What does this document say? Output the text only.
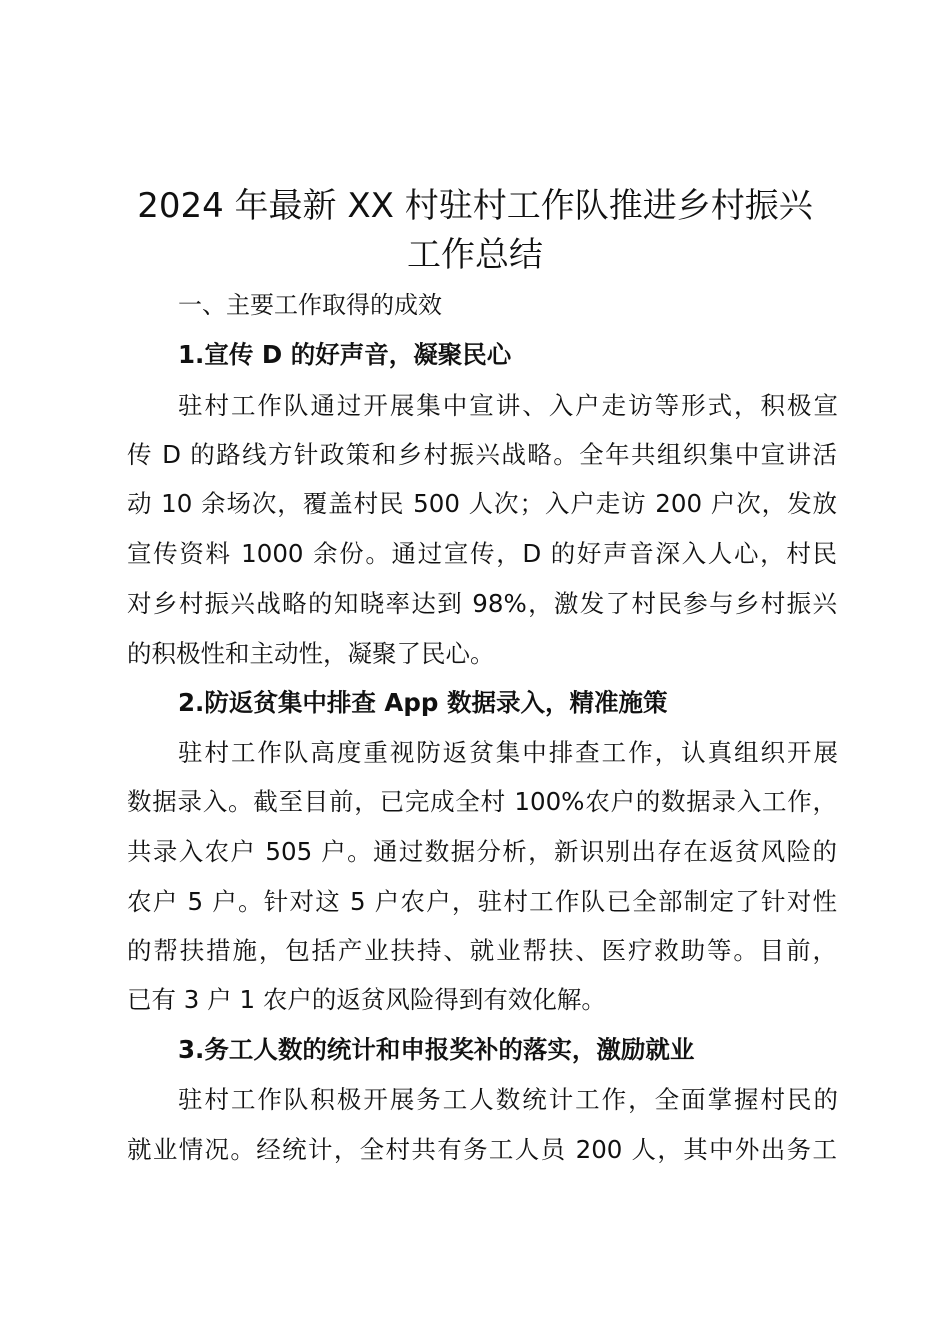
2024 年最新 XX 村驻村工作队推进乡村振兴
工作总结

一、主要工作取得的成效

1.宣传 D 的好声音，凝聚民心

驻村工作队通过开展集中宣讲、入户走访等形式，积极宣

传 D 的路线方针政策和乡村振兴战略。全年共组织集中宣讲活

动 10 余场次，覆盖村民 500 人次；入户走访 200 户次，发放

宣传资料 1000 余份。通过宣传，D 的好声音深入人心，村民

对乡村振兴战略的知晓率达到 98%，激发了村民参与乡村振兴

的积极性和主动性，凝聚了民心。

2.防返贫集中排查 App 数据录入，精准施策

驻村工作队高度重视防返贫集中排查工作，认真组织开展

数据录入。截至目前，已完成全村 100%农户的数据录入工作，

共录入农户 505 户。通过数据分析，新识别出存在返贫风险的

农户 5 户。针对这 5 户农户，驻村工作队已全部制定了针对性

的帮扶措施，包括产业扶持、就业帮扶、医疗救助等。目前，

已有 3 户 1 农户的返贫风险得到有效化解。

3.务工人数的统计和申报奖补的落实，激励就业

驻村工作队积极开展务工人数统计工作，全面掌握村民的

就业情况。经统计，全村共有务工人员 200 人，其中外出务工
